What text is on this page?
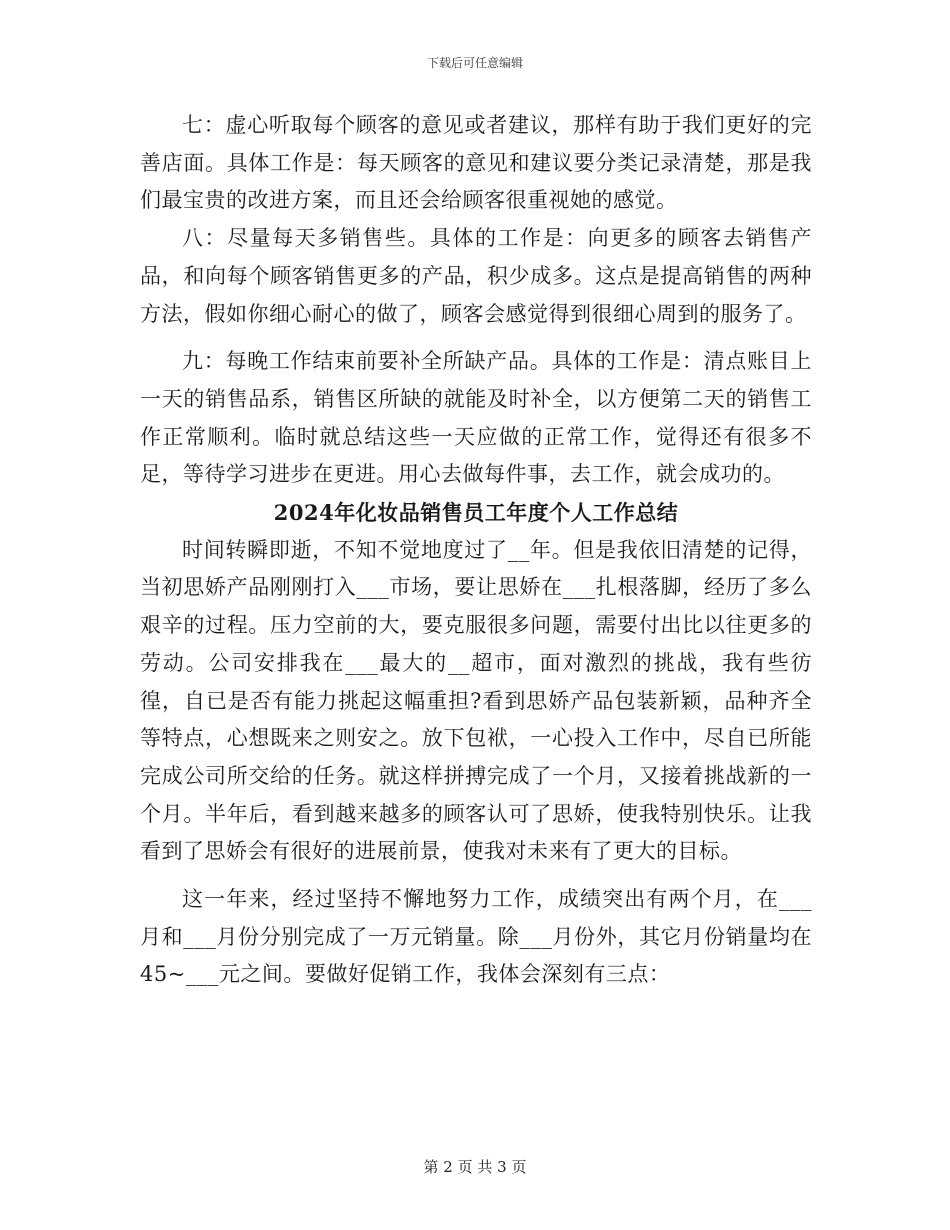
下载后可任意编辑

七：虚心听取每个顾客的意见或者建议，那样有助于我们更好的完善店面。具体工作是：每天顾客的意见和建议要分类记录清楚，那是我们最宝贵的改进方案，而且还会给顾客很重视她的感觉。

八：尽量每天多销售些。具体的工作是：向更多的顾客去销售产品，和向每个顾客销售更多的产品，积少成多。这点是提高销售的两种方法，假如你细心耐心的做了，顾客会感觉得到很细心周到的服务了。

九：每晚工作结束前要补全所缺产品。具体的工作是：清点账目上一天的销售品系，销售区所缺的就能及时补全，以方便第二天的销售工作正常顺利。临时就总结这些一天应做的正常工作，觉得还有很多不足，等待学习进步在更进。用心去做每件事，去工作，就会成功的。

2024年化妆品销售员工年度个人工作总结

时间转瞬即逝，不知不觉地度过了__年。但是我依旧清楚的记得，当初思娇产品刚刚打入___市场，要让思娇在___扎根落脚，经历了多么艰辛的过程。压力空前的大，要克服很多问题，需要付出比以往更多的劳动。公司安排我在___最大的__超市，面对激烈的挑战，我有些彷徨，自已是否有能力挑起这幅重担?看到思娇产品包装新颖，品种齐全等特点，心想既来之则安之。放下包袱，一心投入工作中，尽自已所能完成公司所交给的任务。就这样拼搏完成了一个月，又接着挑战新的一个月。半年后，看到越来越多的顾客认可了思娇，使我特别快乐。让我看到了思娇会有很好的进展前景，使我对未来有了更大的目标。

这一年来，经过坚持不懈地努力工作，成绩突出有两个月，在___月和___月份分别完成了一万元销量。除___月份外，其它月份销量均在45~___元之间。要做好促销工作，我体会深刻有三点：

第 2 页 共 3 页
